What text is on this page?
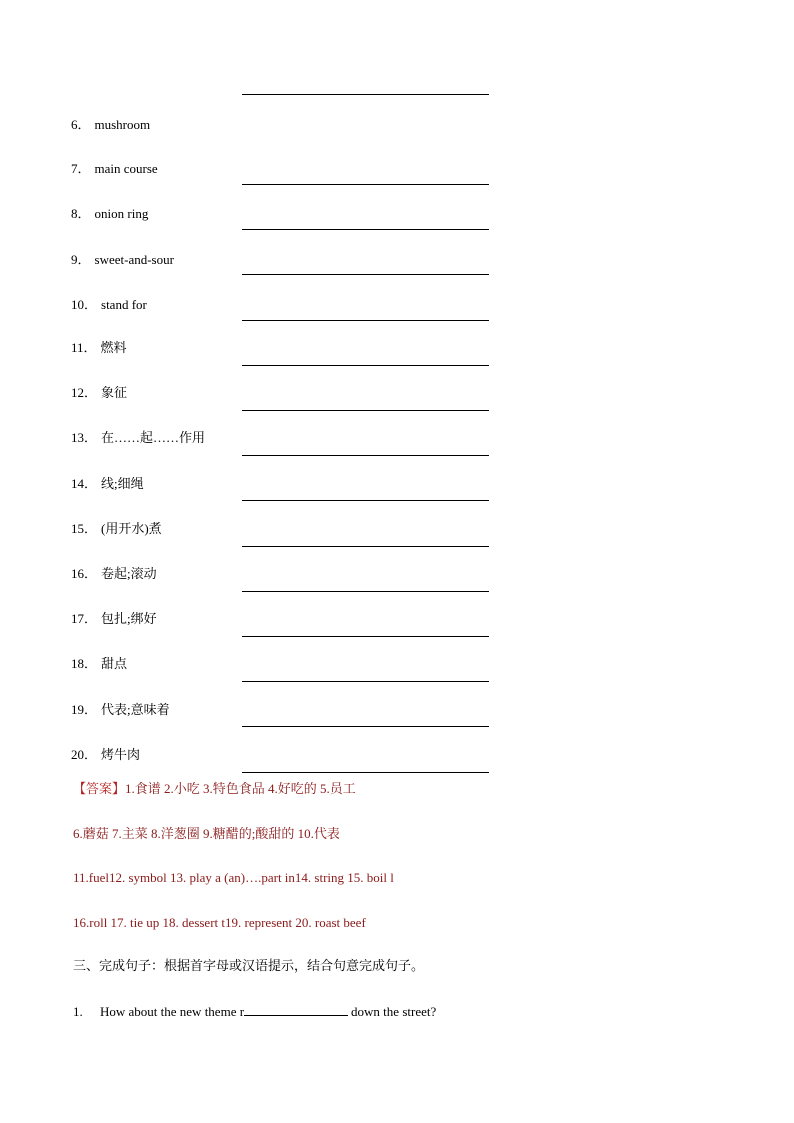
6． mushroom
7． main course
8． onion ring
9． sweet-and-sour
10． stand for
11． 燃料
12． 象征
13． 在……起……作用
14． 线;细绳
15． (用开水)煮
16． 卷起;滚动
17． 包扎;绑好
18． 甜点
19． 代表;意味着
20． 烤牛肉
【答案】1.食谱 2.小吃 3.特色食品 4.好吃的 5.员工
6.蘑菇 7.主菜 8.洋葱圈 9.糖醋的;酸甜的 10.代表
11.fuel12. symbol 13. play a (an)….part in14. string 15. boil l
16.roll 17. tie up 18. dessert t19. represent 20. roast beef
三、完成句子：根据首字母或汉语提示，结合句意完成句子。
1. How about the new theme r	down the street?
